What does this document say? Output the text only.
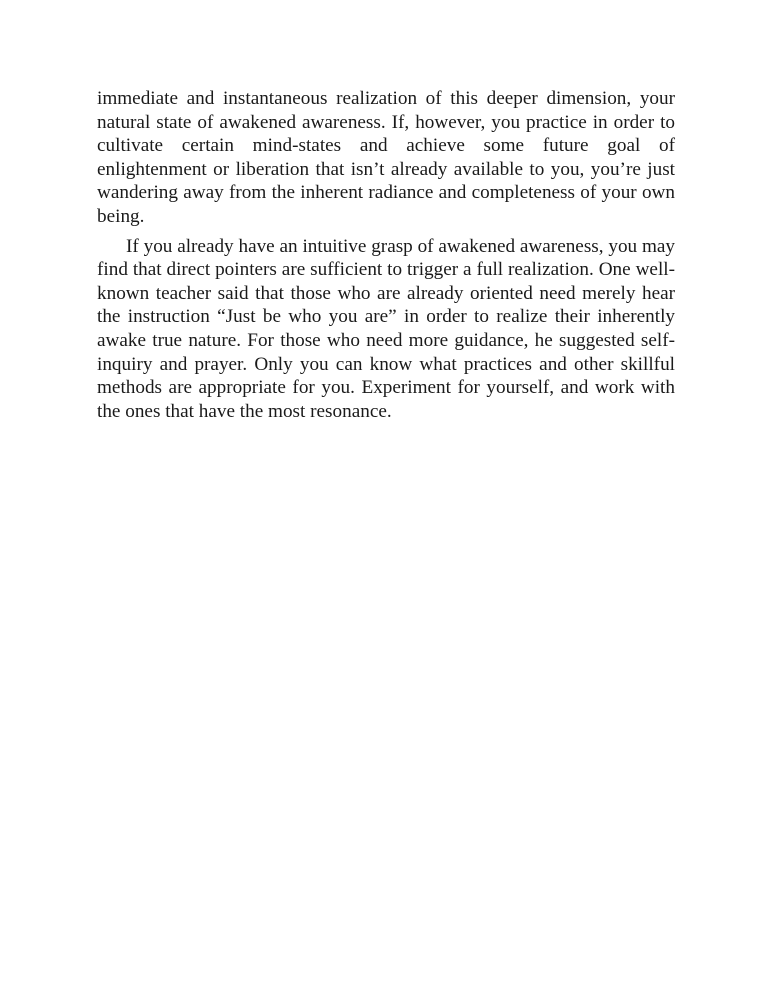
immediate and instantaneous realization of this deeper dimension, your natural state of awakened awareness. If, however, you practice in order to cultivate certain mind-states and achieve some future goal of enlightenment or liberation that isn’t already available to you, you’re just wandering away from the inherent radiance and completeness of your own being.

If you already have an intuitive grasp of awakened awareness, you may find that direct pointers are sufficient to trigger a full realization. One well-known teacher said that those who are already oriented need merely hear the instruction “Just be who you are” in order to realize their inherently awake true nature. For those who need more guidance, he suggested self-inquiry and prayer. Only you can know what practices and other skillful methods are appropriate for you. Experiment for yourself, and work with the ones that have the most resonance.
